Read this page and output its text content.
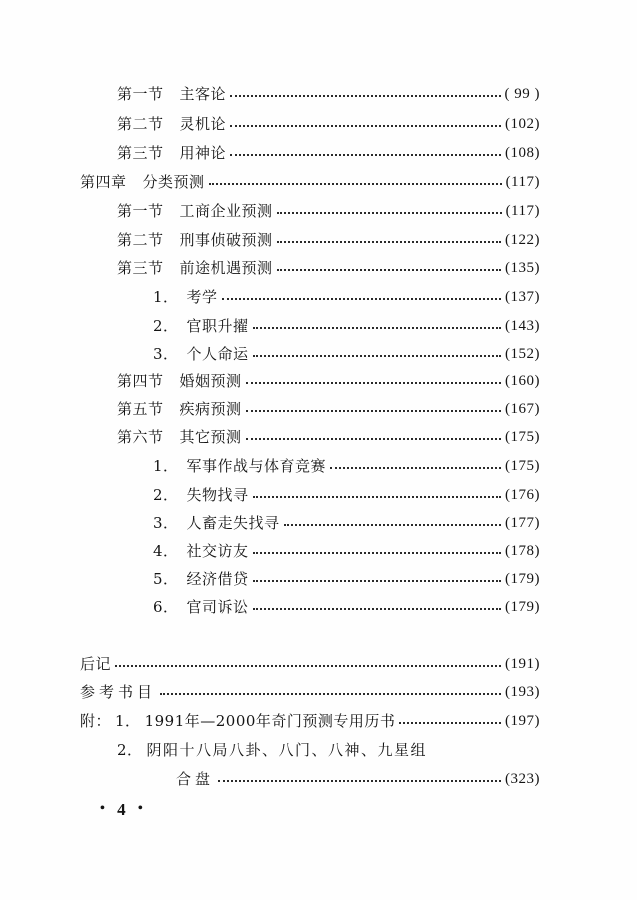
第一节 主客论	( 99 )
第二节 灵机论	(102)
第三节 用神论	(108)
第四章 分类预测	(117)
第一节 工商企业预测	(117)
第二节 刑事侦破预测	(122)
第三节 前途机遇预测	(135)
1． 考学	(137)
2． 官职升擢	(143)
3． 个人命运	(152)
第四节 婚姻预测	(160)
第五节 疾病预测	(167)
第六节 其它预测	(175)
1． 军事作战与体育竞赛	(175)
2． 失物找寻	(176)
3． 人畜走失找寻	(177)
4． 社交访友	(178)
5． 经济借贷	(179)
6． 官司诉讼	(179)
后记	(191)
参考书目	(193)
附： 1． 1991年—2000年奇门预测专用历书	(197)
2． 阴阳十八局八卦、八门、八神、九星组
合盘	(323)
• 4 •
